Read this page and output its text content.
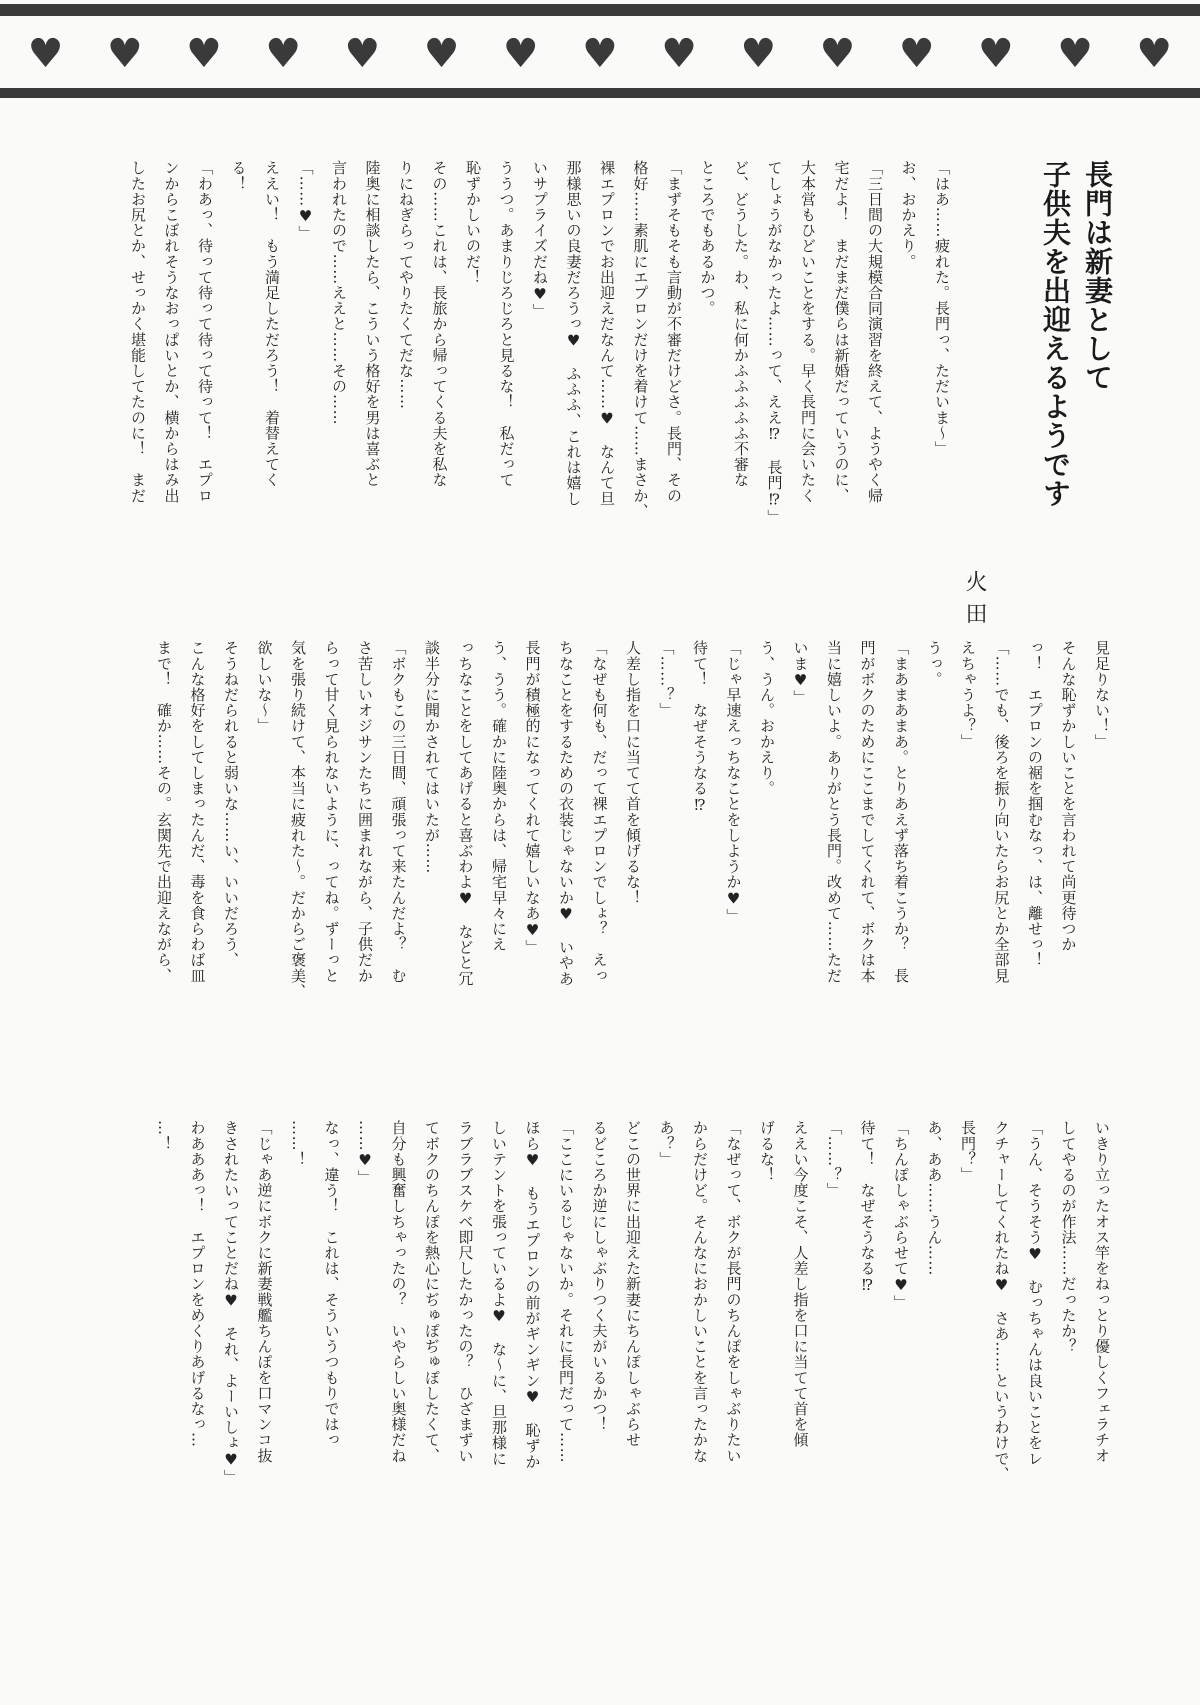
♥ ♥ ♥ ♥ ♥ ♥ ♥ ♥ ♥ ♥ ♥ ♥ ♥ ♥ ♥
長門は新妻として
子供夫を出迎えるようです
火田
「はあ……疲れた。長門っ、ただいま〜」
お、おかえり。
「三日間の大規模合同演習を終えて、ようやく帰
宅だよ！　まだまだ僕らは新婚だっていうのに、
大本営もひどいことをする。早く長門に会いたく
てしょうがなかったよ……って、ええ⁉　長門⁉」
ど、どうした。わ、私に何かふふふふふ不審な
ところでもあるかつ。
「まずそもそも言動が不審だけどさ。長門、その
格好……素肌にエプロンだけを着けて……まさか、
裸エプロンでお出迎えだなんて……♥　なんて旦
那様思いの良妻だろうっ♥　ふふふ、これは嬉し
いサプライズだね♥」
ううつ。あまりじろじろと見るな！　私だって
恥ずかしいのだ！
その……これは、長旅から帰ってくる夫を私な
りにねぎらってやりたくてだな……
陸奥に相談したら、こういう格好を男は喜ぶと
言われたので……ええと……その……
「……♥」
ええい！　もう満足しただろう！　着替えてく
る！
「わあっ、待って待って待って待って！　エプロ
ンからこぼれそうなおっぱいとか、横からはみ出
したお尻とか、せっかく堪能してたのに！　まだ
見足りない！」
そんな恥ずかしいことを言われて尚更待つか
っ！　エプロンの裾を掴むなっ、は、離せっ！
「……でも、後ろを振り向いたらお尻とか全部見
えちゃうよ？」
うっ。
「まあまあまあ。とりあえず落ち着こうか？　長
門がボクのためにここまでしてくれて、ボクは本
当に嬉しいよ。ありがとう長門。改めて……ただ
いま♥」
う、うん。おかえり。
「じゃ早速えっちなことをしようか♥」
待て！　なぜそうなる⁉
「……？」
人差し指を口に当てて首を傾げるな！
「なぜも何も、だって裸エプロンでしょ？　えっ
ちなことをするための衣装じゃないか♥　いやあ
長門が積極的になってくれて嬉しいなあ♥」
う、うう。確かに陸奥からは、帰宅早々にえ
っちなことをしてあげると喜ぶわよ♥　などと冗
談半分に聞かされてはいたが……
「ボクもこの三日間、頑張って来たんだよ？　む
さ苦しいオジサンたちに囲まれながら、子供だか
らって甘く見られないように、ってね。ずーっと
気を張り続けて、本当に疲れた〜。だからご褒美、
欲しいな〜」
そうねだられると弱いな……い、いいだろう、
こんな格好をしてしまったんだ、毒を食らわば皿
まで！　確か……その。玄関先で出迎えながら、
いきり立ったオス竿をねっとり優しくフェラチオ
してやるのが作法……だったか？
「うん、そうそう♥　むっちゃんは良いことをレ
クチャーしてくれたね♥　さあ……というわけで、
長門？」
あ、ああ……うん……
「ちんぽしゃぶらせて♥」
待て！　なぜそうなる⁉
「……？」
ええい今度こそ、人差し指を口に当てて首を傾
げるな！
「なぜって、ボクが長門のちんぽをしゃぶりたい
からだけど。そんなにおかしいことを言ったかな
あ？」
どこの世界に出迎えた新妻にちんぽしゃぶらせ
るどころか逆にしゃぶりつく夫がいるかつ！
「ここにいるじゃないか。それに長門だって……
ほら♥　もうエプロンの前がギンギン♥　恥ずか
しいテントを張っているよ♥　な〜に、旦那様に
ラブラブスケベ即尺したかったの？　ひざまずい
てボクのちんぽを熱心にぢゅぽぢゅぽしたくて、
自分も興奮しちゃったの？　いやらしい奥様だね
……♥」
なっ、違う！　これは、そういうつもりではっ
……！
「じゃあ逆にボクに新妻戦艦ちんぽを口マンコ抜
きされたいってことだね♥　それ、よーいしょ♥」
わあああっ！　エプロンをめくりあげるなっ…
…！
